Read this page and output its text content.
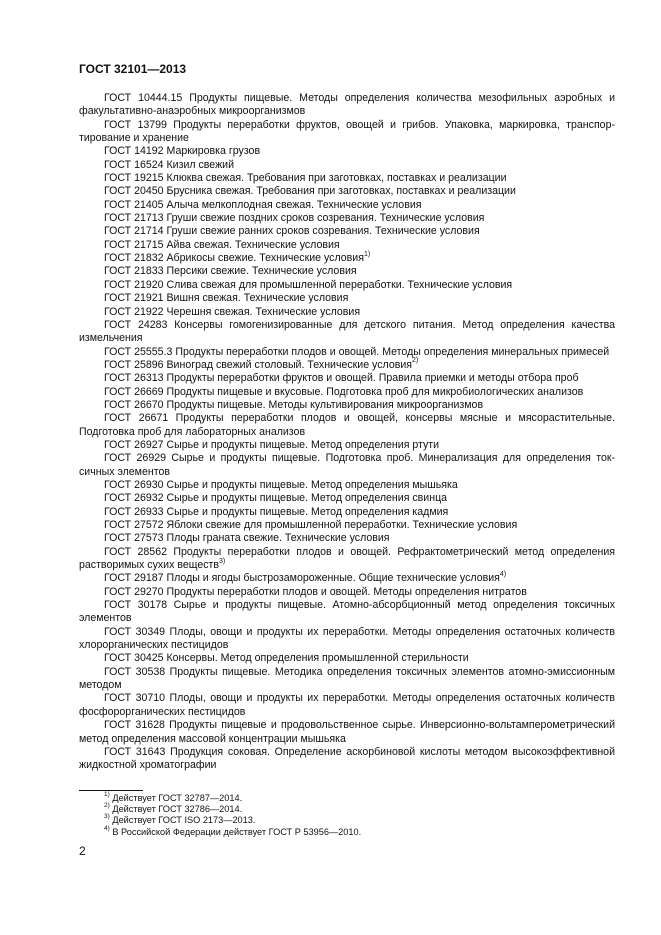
ГОСТ 32101—2013

ГОСТ 10444.15 Продукты пищевые. Методы определения количества мезофильных аэробных и факультативно-анаэробных микроорганизмов

ГОСТ 13799 Продукты переработки фруктов, овощей и грибов. Упаковка, маркировка, транспортирование и хранение

ГОСТ 14192 Маркировка грузов

ГОСТ 16524 Кизил свежий

ГОСТ 19215 Клюква свежая. Требования при заготовках, поставках и реализации

ГОСТ 20450 Брусника свежая. Требования при заготовках, поставках и реализации

ГОСТ 21405 Алыча мелкоплодная свежая. Технические условия

ГОСТ 21713 Груши свежие поздних сроков созревания. Технические условия

ГОСТ 21714 Груши свежие ранних сроков созревания. Технические условия

ГОСТ 21715 Айва свежая. Технические условия

ГОСТ 21832 Абрикосы свежие. Технические условия$^{1)}$

ГОСТ 21833 Персики свежие. Технические условия

ГОСТ 21920 Слива свежая для промышленной переработки. Технические условия

ГОСТ 21921 Вишня свежая. Технические условия

ГОСТ 21922 Черешня свежая. Технические условия

ГОСТ 24283 Консервы гомогенизированные для детского питания. Метод определения качества измельчения

ГОСТ 25555.3 Продукты переработки плодов и овощей. Методы определения минеральных примесей

ГОСТ 25896 Виноград свежий столовый. Технические условия$^{2)}$

ГОСТ 26313 Продукты переработки фруктов и овощей. Правила приемки и методы отбора проб

ГОСТ 26669 Продукты пищевые и вкусовые. Подготовка проб для микробиологических анализов

ГОСТ 26670 Продукты пищевые. Методы культивирования микроорганизмов

ГОСТ 26671 Продукты переработки плодов и овощей, консервы мясные и мясорастительные. Подготовка проб для лабораторных анализов

ГОСТ 26927 Сырье и продукты пищевые. Метод определения ртути

ГОСТ 26929 Сырье и продукты пищевые. Подготовка проб. Минерализация для определения токсичных элементов

ГОСТ 26930 Сырье и продукты пищевые. Метод определения мышьяка

ГОСТ 26932 Сырье и продукты пищевые. Метод определения свинца

ГОСТ 26933 Сырье и продукты пищевые. Метод определения кадмия

ГОСТ 27572 Яблоки свежие для промышленной переработки. Технические условия

ГОСТ 27573 Плоды граната свежие. Технические условия

ГОСТ 28562 Продукты переработки плодов и овощей. Рефрактометрический метод определения растворимых сухих веществ$^{3)}$

ГОСТ 29187 Плоды и ягоды быстрозамороженные. Общие технические условия$^{4)}$

ГОСТ 29270 Продукты переработки плодов и овощей. Методы определения нитратов

ГОСТ 30178 Сырье и продукты пищевые. Атомно-абсорбционный метод определения токсичных элементов

ГОСТ 30349 Плоды, овощи и продукты их переработки. Методы определения остаточных количеств хлорорганических пестицидов

ГОСТ 30425 Консервы. Метод определения промышленной стерильности

ГОСТ 30538 Продукты пищевые. Методика определения токсичных элементов атомно-эмиссионным методом

ГОСТ 30710 Плоды, овощи и продукты их переработки. Методы определения остаточных количеств фосфорорганических пестицидов

ГОСТ 31628 Продукты пищевые и продовольственное сырье. Инверсионно-вольтамперометрический метод определения массовой концентрации мышьяка

ГОСТ 31643 Продукция соковая. Определение аскорбиновой кислоты методом высокоэффективной жидкостной хроматографии

$^{1)}$ Действует ГОСТ 32787—2014.
$^{2)}$ Действует ГОСТ 32786—2014.
$^{3)}$ Действует ГОСТ ISO 2173—2013.
$^{4)}$ В Российской Федерации действует ГОСТ Р 53956—2010.
2
